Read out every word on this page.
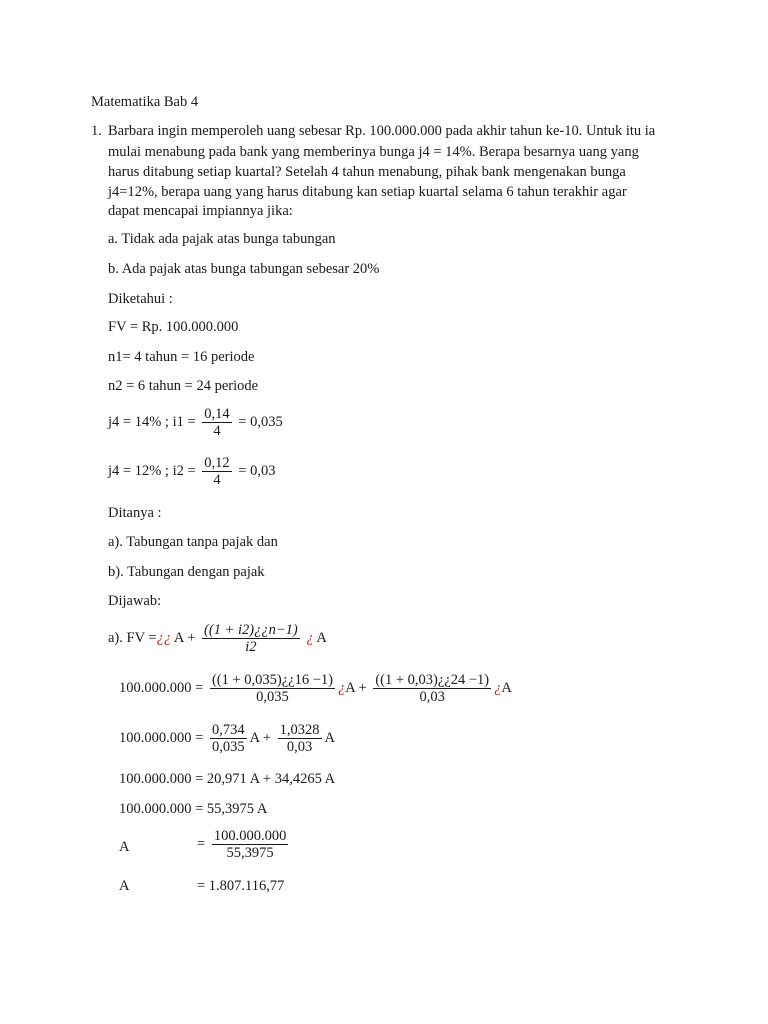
Matematika Bab 4
1. Barbara ingin memperoleh uang sebesar Rp. 100.000.000 pada akhir tahun ke-10. Untuk itu ia
mulai menabung pada bank yang memberinya bunga j4 = 14%. Berapa besarnya uang yang
harus ditabung setiap kuartal? Setelah 4 tahun menabung, pihak bank mengenakan bunga
j4=12%, berapa uang yang harus ditabung kan setiap kuartal selama 6 tahun terakhir agar
dapat mencapai impiannya jika:
a. Tidak ada pajak atas bunga tabungan
b. Ada pajak atas bunga tabungan sebesar 20%
Diketahui :
FV = Rp. 100.000.000
n1= 4 tahun = 16 periode
n2 = 6 tahun = 24 periode
j4 = 14% ; $i1 = \frac{0,14}{4} = 0,035$
j4 = 12% ; $i2 = \frac{0,12}{4} = 0,03$
Ditanya :
a). Tabungan tanpa pajak dan
b). Tabungan dengan pajak
Dijawab:
a). FV =¿¿ $A + \frac{((1 + i2)¿¿n-1)}{i2}$ ¿ A
$100.000.000 = \frac{((1 + 0,035)¿¿16 -1)}{0,035}$ ¿$A + \frac{((1 + 0,03)¿¿24 -1)}{0,03}$ ¿A
$100.000.000 = \frac{0,734}{0,035}$ $A + \frac{1,0328}{0,03}$ A
100.000.000 = 20,971 A + 34,4265 A
100.000.000 = 55,3975 A
A	= $\frac{100.000.000}{55,3975}$
A	= 1.807.116,77
